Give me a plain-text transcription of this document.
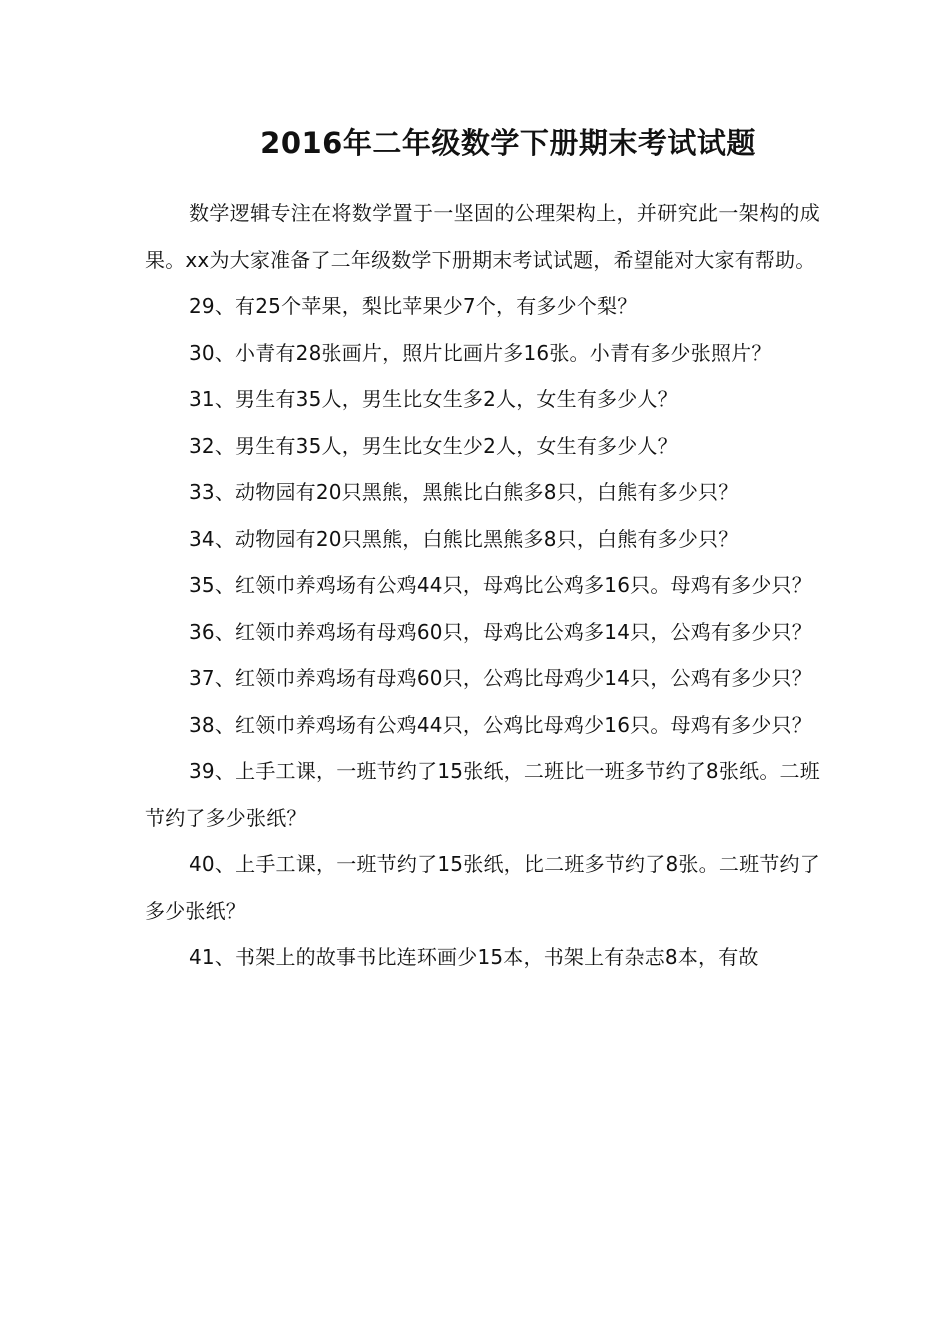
2016年二年级数学下册期末考试试题

数学逻辑专注在将数学置于一坚固的公理架构上，并研究此一架构的成果。xx为大家准备了二年级数学下册期末考试试题，希望能对大家有帮助。

29、有25个苹果，梨比苹果少7个，有多少个梨？

30、小青有28张画片，照片比画片多16张。小青有多少张照片？

31、男生有35人，男生比女生多2人，女生有多少人？

32、男生有35人，男生比女生少2人，女生有多少人？

33、动物园有20只黑熊，黑熊比白熊多8只，白熊有多少只？

34、动物园有20只黑熊，白熊比黑熊多8只，白熊有多少只？

35、红领巾养鸡场有公鸡44只，母鸡比公鸡多16只。母鸡有多少只？

36、红领巾养鸡场有母鸡60只，母鸡比公鸡多14只，公鸡有多少只？

37、红领巾养鸡场有母鸡60只，公鸡比母鸡少14只，公鸡有多少只？

38、红领巾养鸡场有公鸡44只，公鸡比母鸡少16只。母鸡有多少只？

39、上手工课，一班节约了15张纸，二班比一班多节约了8张纸。二班节约了多少张纸？

40、上手工课，一班节约了15张纸，比二班多节约了8张。二班节约了多少张纸？

41、书架上的故事书比连环画少15本，书架上有杂志8本，有故
